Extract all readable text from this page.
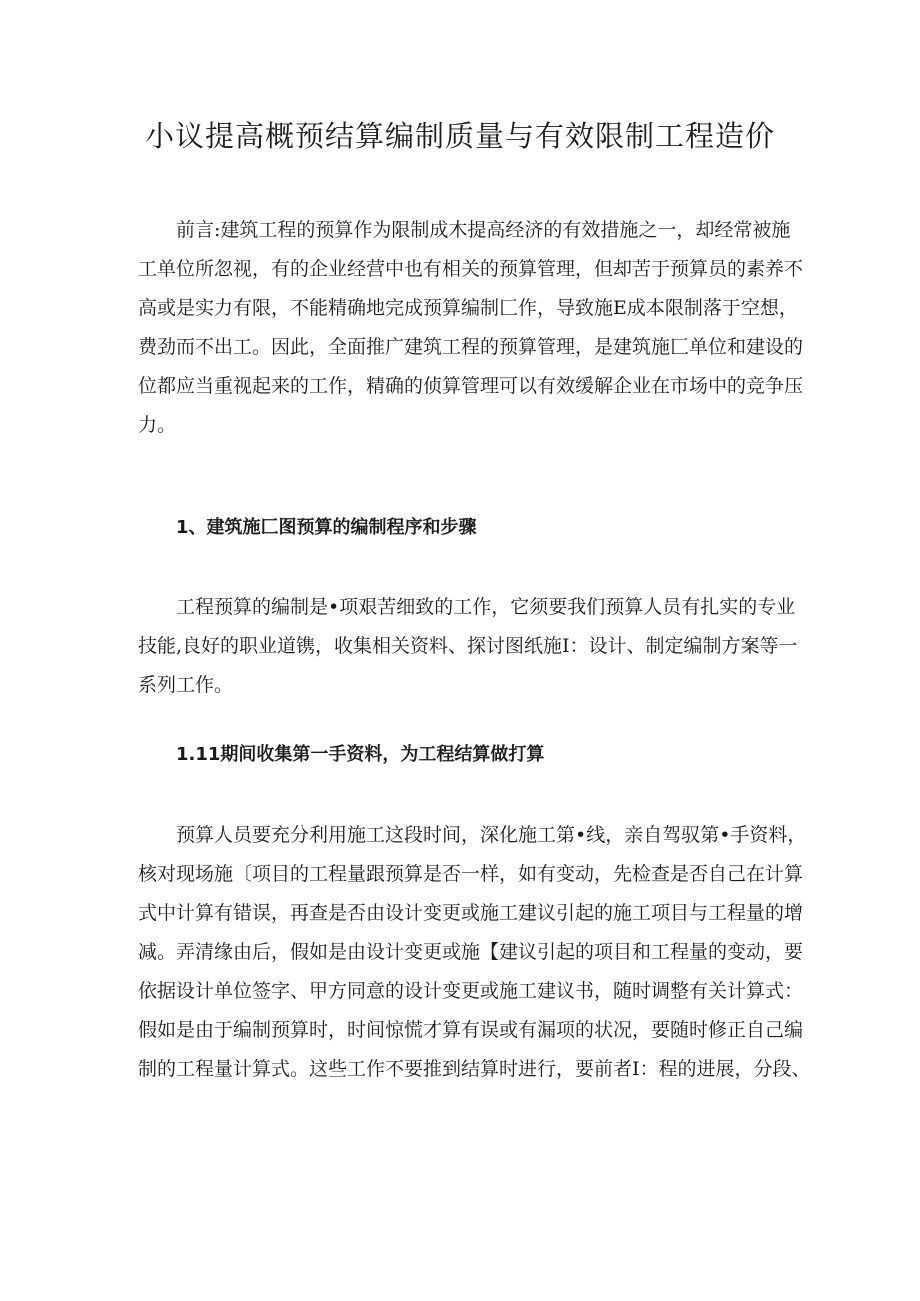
小议提高概预结算编制质量与有效限制工程造价

前言:建筑工程的预算作为限制成木提高经济的有效措施之一，却经常被施
工单位所忽视，有的企业经营中也有相关的预算管理，但却苦于预算员的素养不
高或是实力有限，不能精确地完成预算编制匚作，导致施E成本限制落于空想，
费劲而不出工。因此，全面推广建筑工程的预算管理，是建筑施匚单位和建设的
位都应当重视起来的工作，精确的侦算管理可以有效缓解企业在市场中的竞争压
力。

1、建筑施匚图预算的编制程序和步骤

工程预算的编制是•项艰苦细致的工作，它须要我们预算人员有扎实的专业
技能,良好的职业道镌，收集相关资料、探讨图纸施I：设计、制定编制方案等一
系列工作。

1.11期间收集第一手资料，为工程结算做打算

预算人员要充分利用施工这段时间，深化施工第•线，亲自驾驭第•手资料，
核对现场施〔项目的工程量跟预算是否一样，如有变动，先检查是否自己在计算
式中计算有错误，再查是否由设计变更或施工建议引起的施工项目与工程量的增
减。弄清缘由后，假如是由设计变更或施【建议引起的项目和工程量的变动，要
依据设计单位签字、甲方同意的设计变更或施工建议书，随时调整有关计算式：
假如是由于编制预算时，时间惊慌才算有误或有漏项的状况，要随时修正自己编
制的工程量计算式。这些工作不要推到结算时进行，要前者I：程的进展，分段、
